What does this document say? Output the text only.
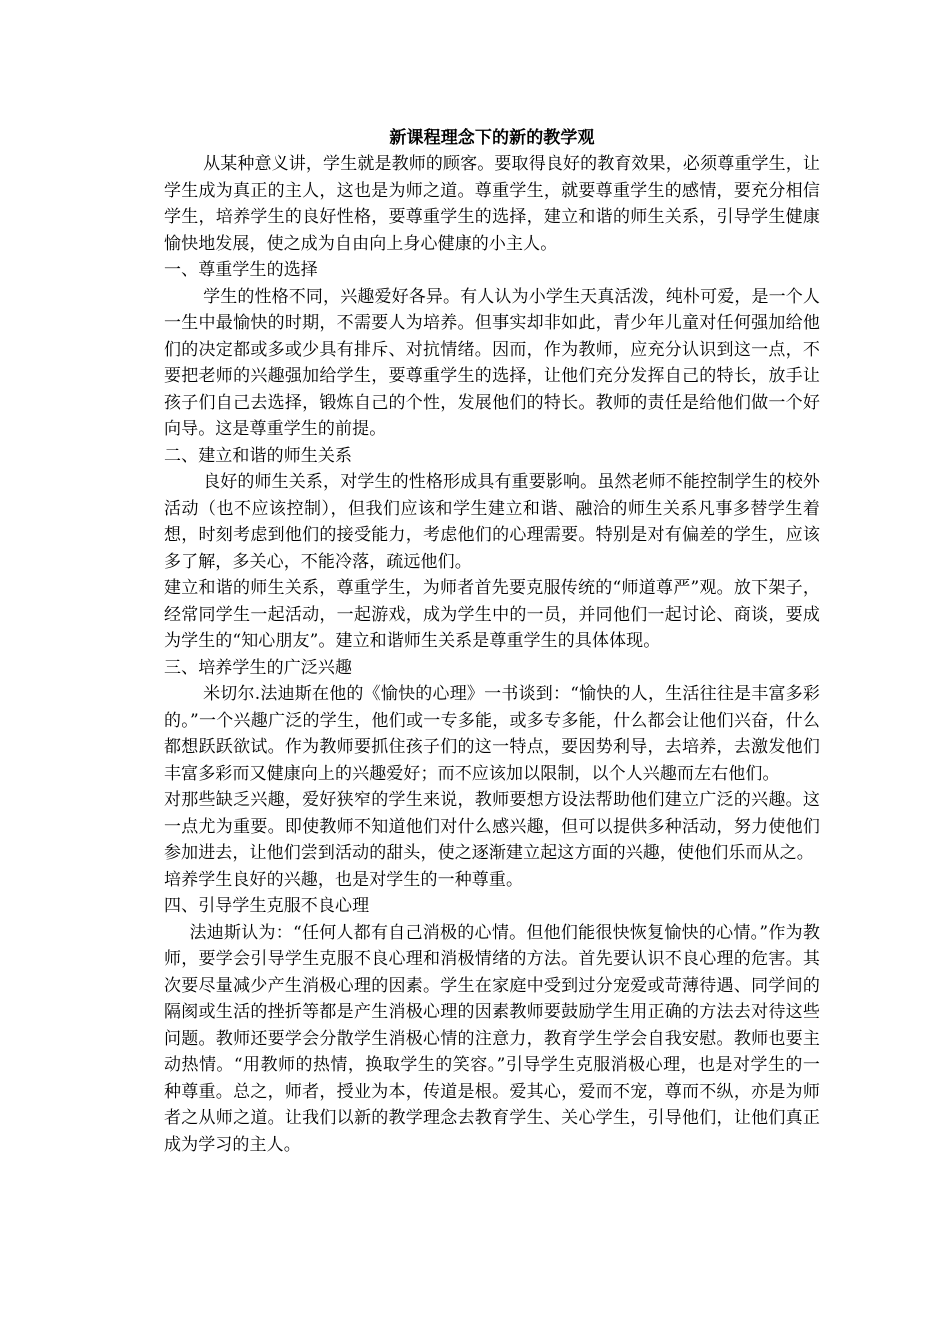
新课程理念下的新的教学观

从某种意义讲，学生就是教师的顾客。要取得良好的教育效果，必须尊重学生，让学生成为真正的主人，这也是为师之道。尊重学生，就要尊重学生的感情，要充分相信学生，培养学生的良好性格，要尊重学生的选择，建立和谐的师生关系，引导学生健康愉快地发展，使之成为自由向上身心健康的小主人。

一、尊重学生的选择

学生的性格不同，兴趣爱好各异。有人认为小学生天真活泼，纯朴可爱，是一个人一生中最愉快的时期，不需要人为培养。但事实却非如此，青少年儿童对任何强加给他们的决定都或多或少具有排斥、对抗情绪。因而，作为教师，应充分认识到这一点，不要把老师的兴趣强加给学生，要尊重学生的选择，让他们充分发挥自己的特长，放手让孩子们自己去选择，锻炼自己的个性，发展他们的特长。教师的责任是给他们做一个好向导。这是尊重学生的前提。

二、建立和谐的师生关系

良好的师生关系，对学生的性格形成具有重要影响。虽然老师不能控制学生的校外活动（也不应该控制），但我们应该和学生建立和谐、融洽的师生关系凡事多替学生着想，时刻考虑到他们的接受能力，考虑他们的心理需要。特别是对有偏差的学生，应该多了解，多关心，不能冷落，疏远他们。

建立和谐的师生关系，尊重学生，为师者首先要克服传统的“师道尊严”观。放下架子，经常同学生一起活动，一起游戏，成为学生中的一员，并同他们一起讨论、商谈，要成为学生的“知心朋友”。建立和谐师生关系是尊重学生的具体体现。

三、培养学生的广泛兴趣

米切尔.法迪斯在他的《愉快的心理》一书谈到：“愉快的人，生活往往是丰富多彩的。”一个兴趣广泛的学生，他们或一专多能，或多专多能，什么都会让他们兴奋，什么都想跃跃欲试。作为教师要抓住孩子们的这一特点，要因势利导，去培养，去激发他们丰富多彩而又健康向上的兴趣爱好；而不应该加以限制，以个人兴趣而左右他们。

对那些缺乏兴趣，爱好狭窄的学生来说，教师要想方设法帮助他们建立广泛的兴趣。这一点尤为重要。即使教师不知道他们对什么感兴趣，但可以提供多种活动，努力使他们参加进去，让他们尝到活动的甜头，使之逐渐建立起这方面的兴趣，使他们乐而从之。

培养学生良好的兴趣，也是对学生的一种尊重。

四、引导学生克服不良心理

法迪斯认为：“任何人都有自己消极的心情。但他们能很快恢复愉快的心情。”作为教师，要学会引导学生克服不良心理和消极情绪的方法。首先要认识不良心理的危害。其次要尽量减少产生消极心理的因素。学生在家庭中受到过分宠爱或苛薄待遇、同学间的隔阂或生活的挫折等都是产生消极心理的因素教师要鼓励学生用正确的方法去对待这些问题。教师还要学会分散学生消极心情的注意力，教育学生学会自我安慰。教师也要主动热情。“用教师的热情，换取学生的笑容。”引导学生克服消极心理，也是对学生的一种尊重。总之，师者，授业为本，传道是根。爱其心，爱而不宠，尊而不纵，亦是为师者之从师之道。让我们以新的教学理念去教育学生、关心学生，引导他们，让他们真正成为学习的主人。
